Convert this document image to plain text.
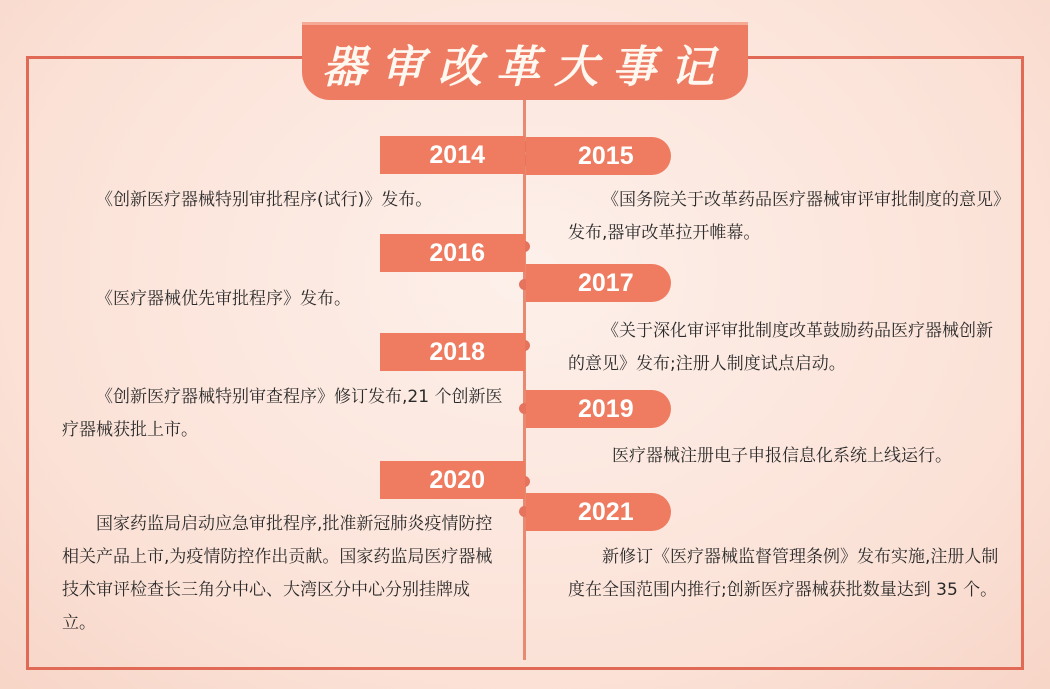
器审改革大事记
2014
《创新医疗器械特别审批程序(试行)》发布。
2015
《国务院关于改革药品医疗器械审评审批制度的意见》发布,器审改革拉开帷幕。
2016
《医疗器械优先审批程序》发布。
2017
《关于深化审评审批制度改革鼓励药品医疗器械创新的意见》发布;注册人制度试点启动。
2018
《创新医疗器械特别审查程序》修订发布,21 个创新医疗器械获批上市。
2019
医疗器械注册电子申报信息化系统上线运行。
2020
国家药监局启动应急审批程序,批准新冠肺炎疫情防控相关产品上市,为疫情防控作出贡献。国家药监局医疗器械技术审评检查长三角分中心、大湾区分中心分别挂牌成立。
2021
新修订《医疗器械监督管理条例》发布实施,注册人制度在全国范围内推行;创新医疗器械获批数量达到 35 个。
